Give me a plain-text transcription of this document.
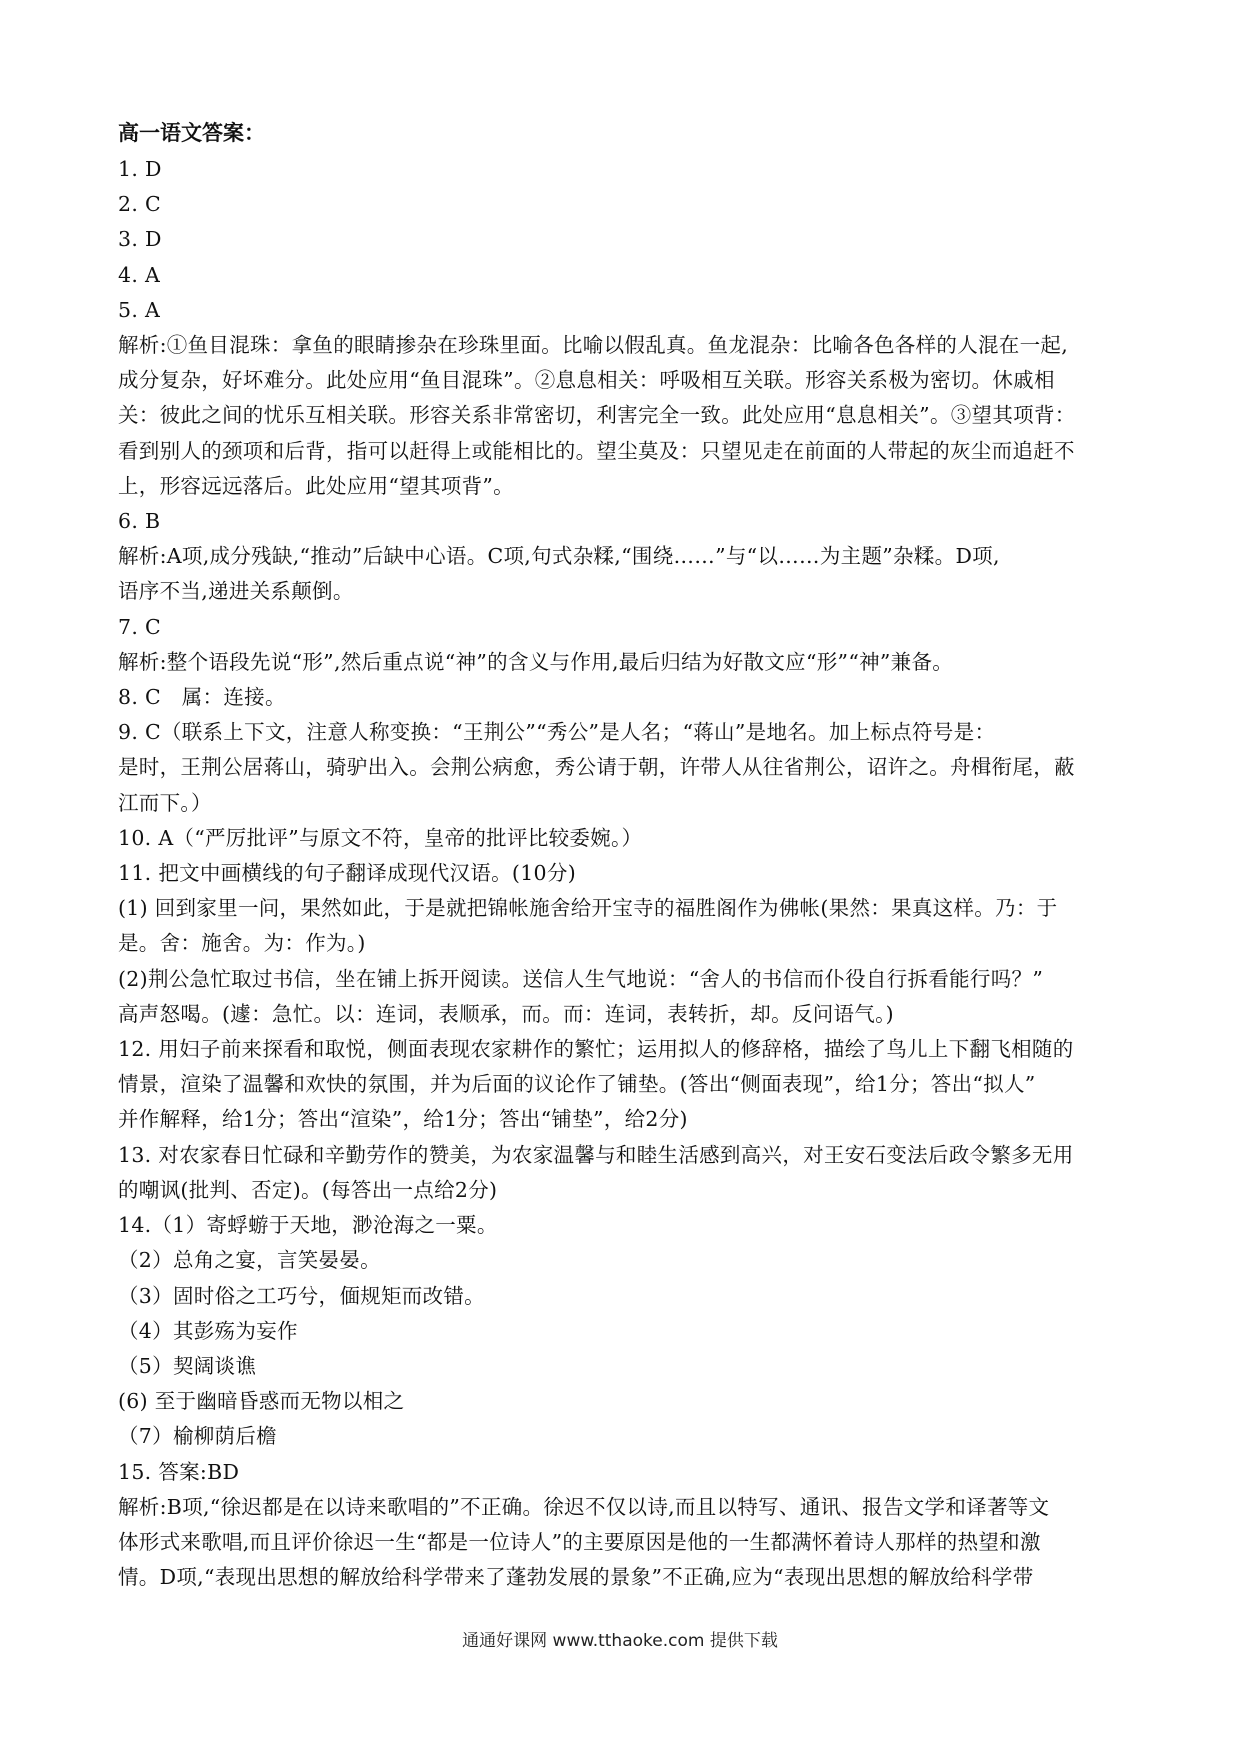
高一语文答案：

1. D

2. C

3. D

4. A

5. A

解析:①鱼目混珠：拿鱼的眼睛掺杂在珍珠里面。比喻以假乱真。鱼龙混杂：比喻各色各样的人混在一起,

成分复杂，好坏难分。此处应用“鱼目混珠”。②息息相关：呼吸相互关联。形容关系极为密切。休戚相

关：彼此之间的忧乐互相关联。形容关系非常密切，利害完全一致。此处应用“息息相关”。③望其项背：

看到别人的颈项和后背，指可以赶得上或能相比的。望尘莫及：只望见走在前面的人带起的灰尘而追赶不

上，形容远远落后。此处应用“望其项背”。

6. B

解析:A项,成分残缺,“推动”后缺中心语。C项,句式杂糅,“围绕……”与“以……为主题”杂糅。D项,

语序不当,递进关系颠倒。

7. C

解析:整个语段先说“形”,然后重点说“神”的含义与作用,最后归结为好散文应“形”“神”兼备。

8. C　属：连接。

9. C（联系上下文，注意人称变换：“王荆公”“秀公”是人名；“蒋山”是地名。加上标点符号是：

是时，王荆公居蒋山，骑驴出入。会荆公病愈，秀公请于朝，许带人从往省荆公，诏许之。舟楫衔尾，蔽

江而下。）

10. A（“严厉批评”与原文不符，皇帝的批评比较委婉。）

11. 把文中画横线的句子翻译成现代汉语。(10分)

(1) 回到家里一问，果然如此，于是就把锦帐施舍给开宝寺的福胜阁作为佛帐(果然：果真这样。乃：于

是。舍：施舍。为：作为。)

(2)荆公急忙取过书信，坐在铺上拆开阅读。送信人生气地说：“舍人的书信而仆役自行拆看能行吗？”

高声怒喝。(遽：急忙。以：连词，表顺承，而。而：连词，表转折，却。反问语气。)

12. 用妇子前来探看和取悦，侧面表现农家耕作的繁忙；运用拟人的修辞格，描绘了鸟儿上下翻飞相随的

情景，渲染了温馨和欢快的氛围，并为后面的议论作了铺垫。(答出“侧面表现”，给1分；答出“拟人”

并作解释，给1分；答出“渲染”，给1分；答出“铺垫”，给2分)

13. 对农家春日忙碌和辛勤劳作的赞美，为农家温馨与和睦生活感到高兴，对王安石变法后政令繁多无用

的嘲讽(批判、否定)。(每答出一点给2分)

14.（1）寄蜉蝣于天地，渺沧海之一粟。

（2）总角之宴，言笑晏晏。

（3）固时俗之工巧兮，偭规矩而改错。

（4）其彭殇为妄作

（5）契阔谈谯

(6) 至于幽暗昏惑而无物以相之

（7）榆柳荫后檐

15. 答案:BD

解析:B项,“徐迟都是在以诗来歌唱的”不正确。徐迟不仅以诗,而且以特写、通讯、报告文学和译著等文

体形式来歌唱,而且评价徐迟一生“都是一位诗人”的主要原因是他的一生都满怀着诗人那样的热望和激

情。D项,“表现出思想的解放给科学带来了蓬勃发展的景象”不正确,应为“表现出思想的解放给科学带

通通好课网 www.tthaoke.com 提供下载
